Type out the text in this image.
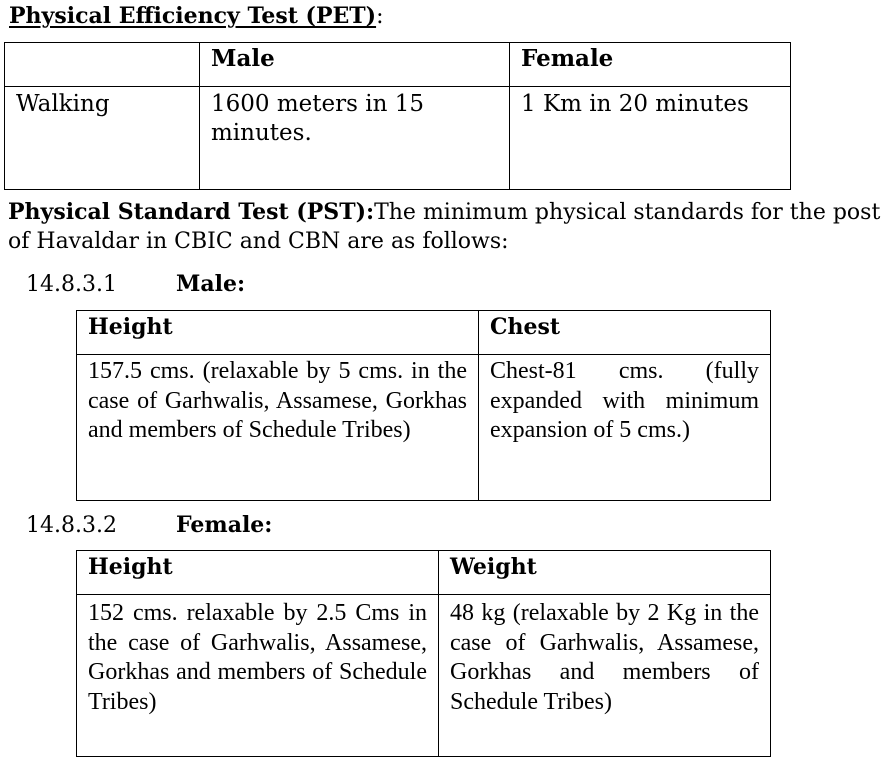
Physical Efficiency Test (PET):
	Male	Female
Walking	1600 meters in 15 minutes.	1 Km in 20 minutes
Physical Standard Test (PST):The minimum physical standards for the post of Havaldar in CBIC and CBN are as follows:
14.8.3.1	Male:
Height	Chest
157.5 cms. (relaxable by 5 cms. in the case of Garhwalis, Assamese, Gorkhas and members of Schedule Tribes)	Chest-81 cms. (fully expanded with minimum expansion of 5 cms.)
14.8.3.2	Female:
Height	Weight
152 cms. relaxable by 2.5 Cms in the case of Garhwalis, Assamese, Gorkhas and members of Schedule Tribes)	48 kg (relaxable by 2 Kg in the case of Garhwalis, Assamese, Gorkhas and members of Schedule Tribes)
